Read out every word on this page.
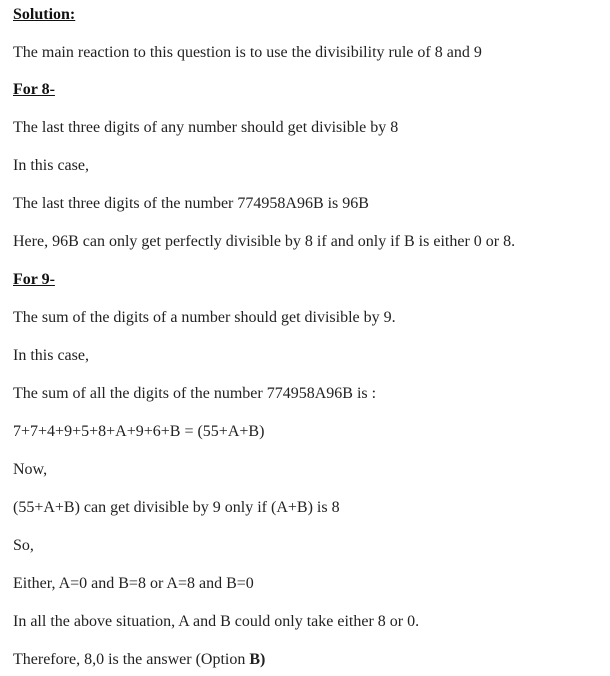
Solution:
The main reaction to this question is to use the divisibility rule of 8 and 9
For 8-
The last three digits of any number should get divisible by 8
In this case,
The last three digits of the number 774958A96B is 96B
Here, 96B can only get perfectly divisible by 8 if and only if B is either 0 or 8.
For 9-
The sum of the digits of a number should get divisible by 9.
In this case,
The sum of all the digits of the number 774958A96B is :
7+7+4+9+5+8+A+9+6+B = (55+A+B)
Now,
(55+A+B) can get divisible by 9 only if (A+B) is 8
So,
Either, A=0 and B=8 or A=8 and B=0
In all the above situation, A and B could only take either 8 or 0.
Therefore, 8,0 is the answer (Option B)
